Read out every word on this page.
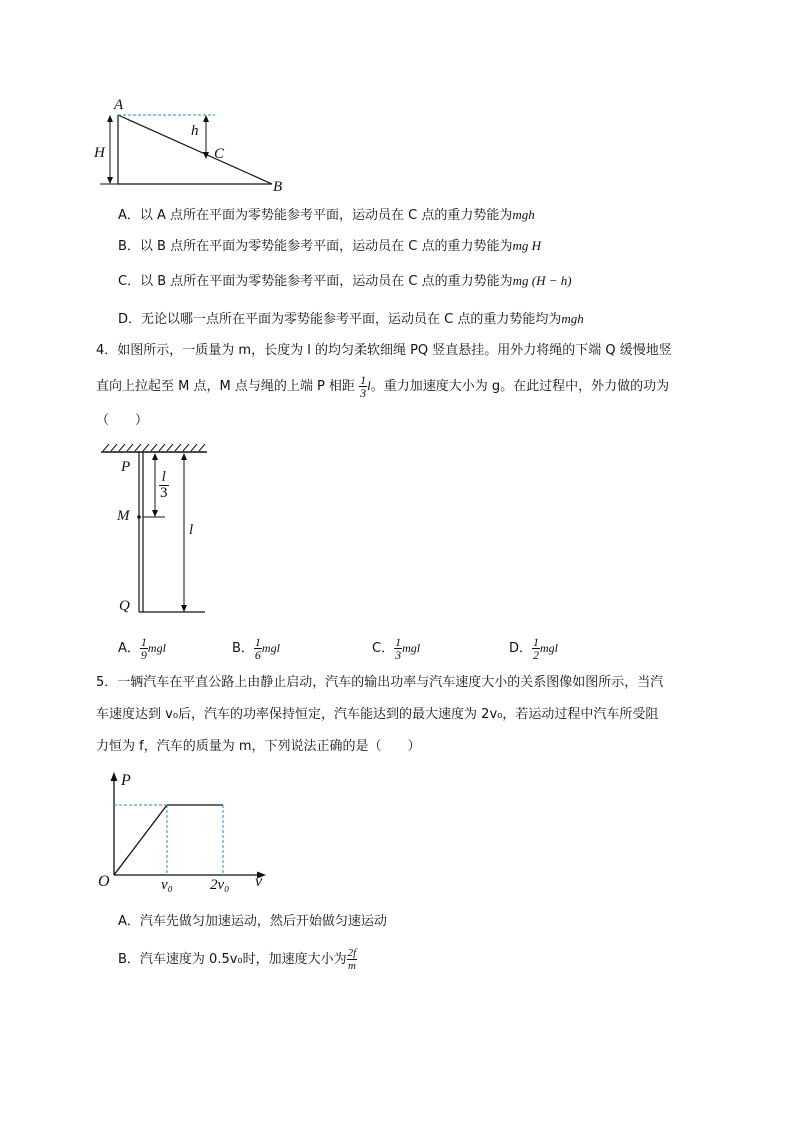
A
H
h
C
B
A．以 A 点所在平面为零势能参考平面，运动员在 C 点的重力势能为mgh
B．以 B 点所在平面为零势能参考平面，运动员在 C 点的重力势能为mg H
C．以 B 点所在平面为零势能参考平面，运动员在 C 点的重力势能为mg (H − h)
D．无论以哪一点所在平面为零势能参考平面，运动员在 C 点的重力势能均为mgh
4．如图所示，一质量为 m，长度为 l 的均匀柔软细绳 PQ 竖直悬挂。用外力将绳的下端 Q 缓慢地竖
直向上拉起至 M 点，M 点与绳的上端 P 相距 $\frac{1}{3}$ l。重力加速度大小为 g。在此过程中，外力做的功为
（　　）
P
$\frac{l}{3}$
M
l
Q
A． $\frac{1}{9}$ mgl	B． $\frac{1}{6}$ mgl	C． $\frac{1}{3}$ mgl	D． $\frac{1}{2}$ mgl
5．一辆汽车在平直公路上由静止启动，汽车的输出功率与汽车速度大小的关系图像如图所示，当汽
车速度达到 v₀后，汽车的功率保持恒定，汽车能达到的最大速度为 2v₀，若运动过程中汽车所受阻
力恒为 f，汽车的质量为 m，下列说法正确的是（　　）
P
O	v₀ 2v₀ v
A．汽车先做匀加速运动，然后开始做匀速运动
B．汽车速度为 0.5v₀时，加速度大小为 $\frac{2f}{m}$
